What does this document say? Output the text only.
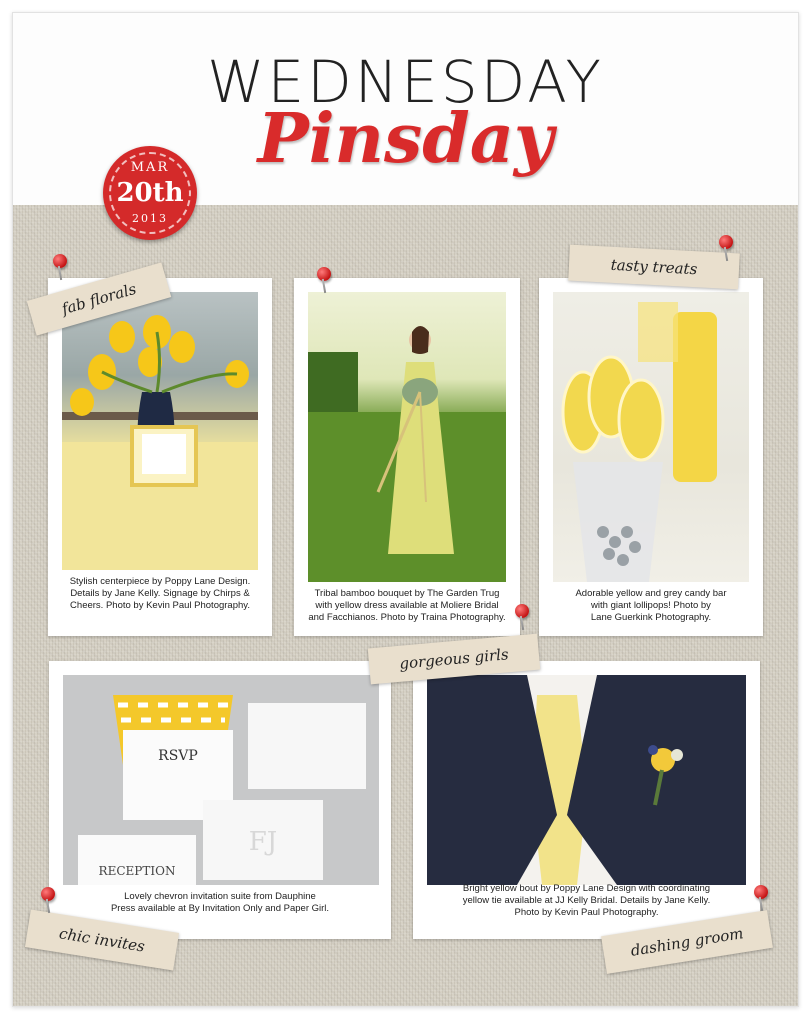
WEDNESDAY
Pinsday
MAR
20th
2013
Stylish centerpiece by Poppy Lane Design.
Details by Jane Kelly. Signage by Chirps &
Cheers. Photo by Kevin Paul Photography.
Tribal bamboo bouquet by The Garden Trug
with yellow dress available at Moliere Bridal
and Facchianos. Photo by Traina Photography.
Adorable yellow and grey candy bar
with giant lollipops! Photo by
Lane Guerkink Photography.
RSVP
FJ
RECEPTION
Lovely chevron invitation suite from Dauphine
Press available at By Invitation Only and Paper Girl.
Bright yellow bout by Poppy Lane Design with coordinating
yellow tie available at JJ Kelly Bridal. Details by Jane Kelly.
Photo by Kevin Paul Photography.
fab florals
tasty treats
gorgeous girls
chic invites	dashing groom
